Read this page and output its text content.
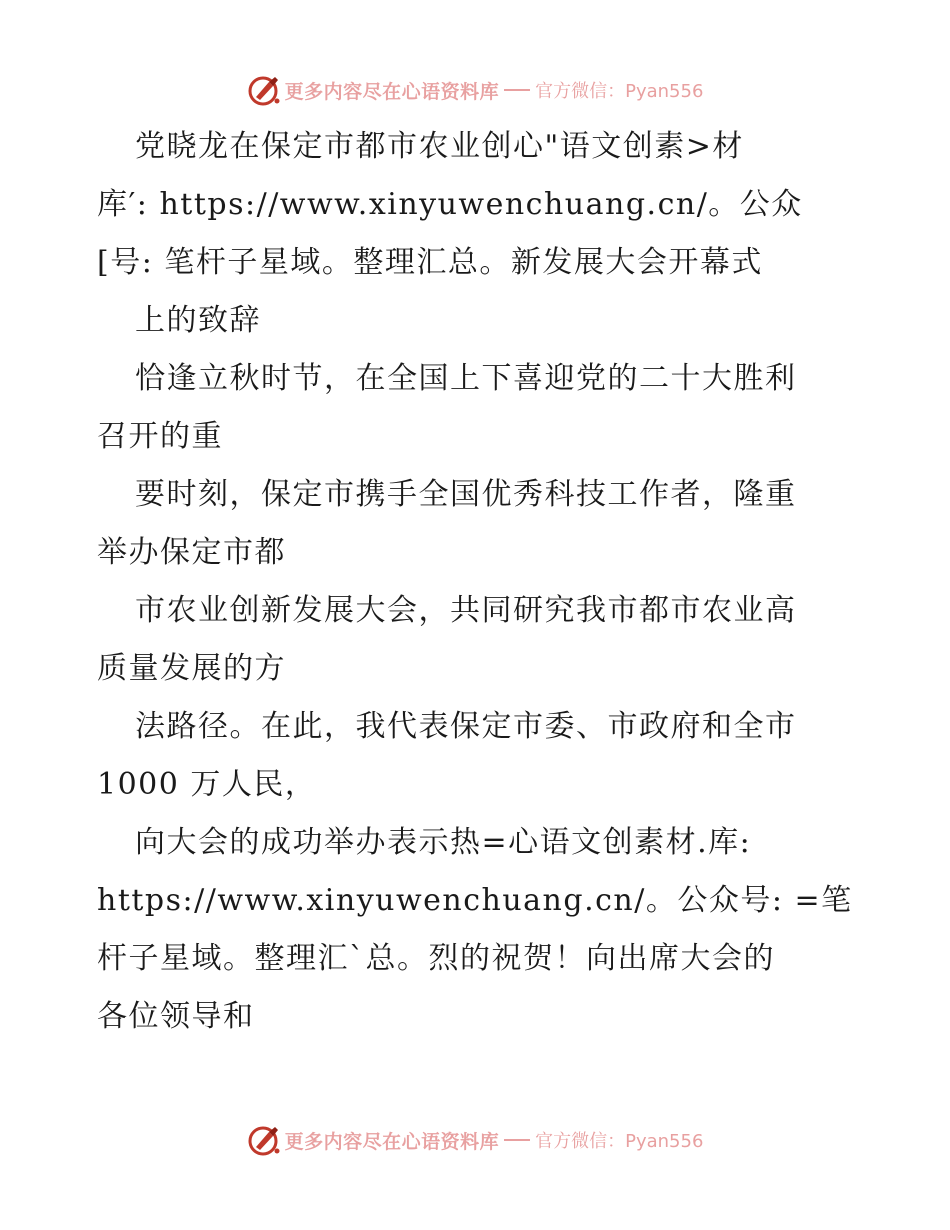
更多内容尽在心语资料库 官方微信：Pyan556
党晓龙在保定市都市农业创心"语文创素>材
库′: https://www.xinyuwenchuang.cn/。公众
[号: 笔杆子星域。整理汇总。新发展大会开幕式
上的致辞
恰逢立秋时节，在全国上下喜迎党的二十大胜利
召开的重
要时刻，保定市携手全国优秀科技工作者，隆重
举办保定市都
市农业创新发展大会，共同研究我市都市农业高
质量发展的方
法路径。在此，我代表保定市委、市政府和全市
1000 万人民，
向大会的成功举办表示热=心语文创素材.库:
https://www.xinyuwenchuang.cn/。公众号: =笔
杆子星域。整理汇`总。烈的祝贺！向出席大会的
各位领导和
更多内容尽在心语资料库 官方微信：Pyan556
